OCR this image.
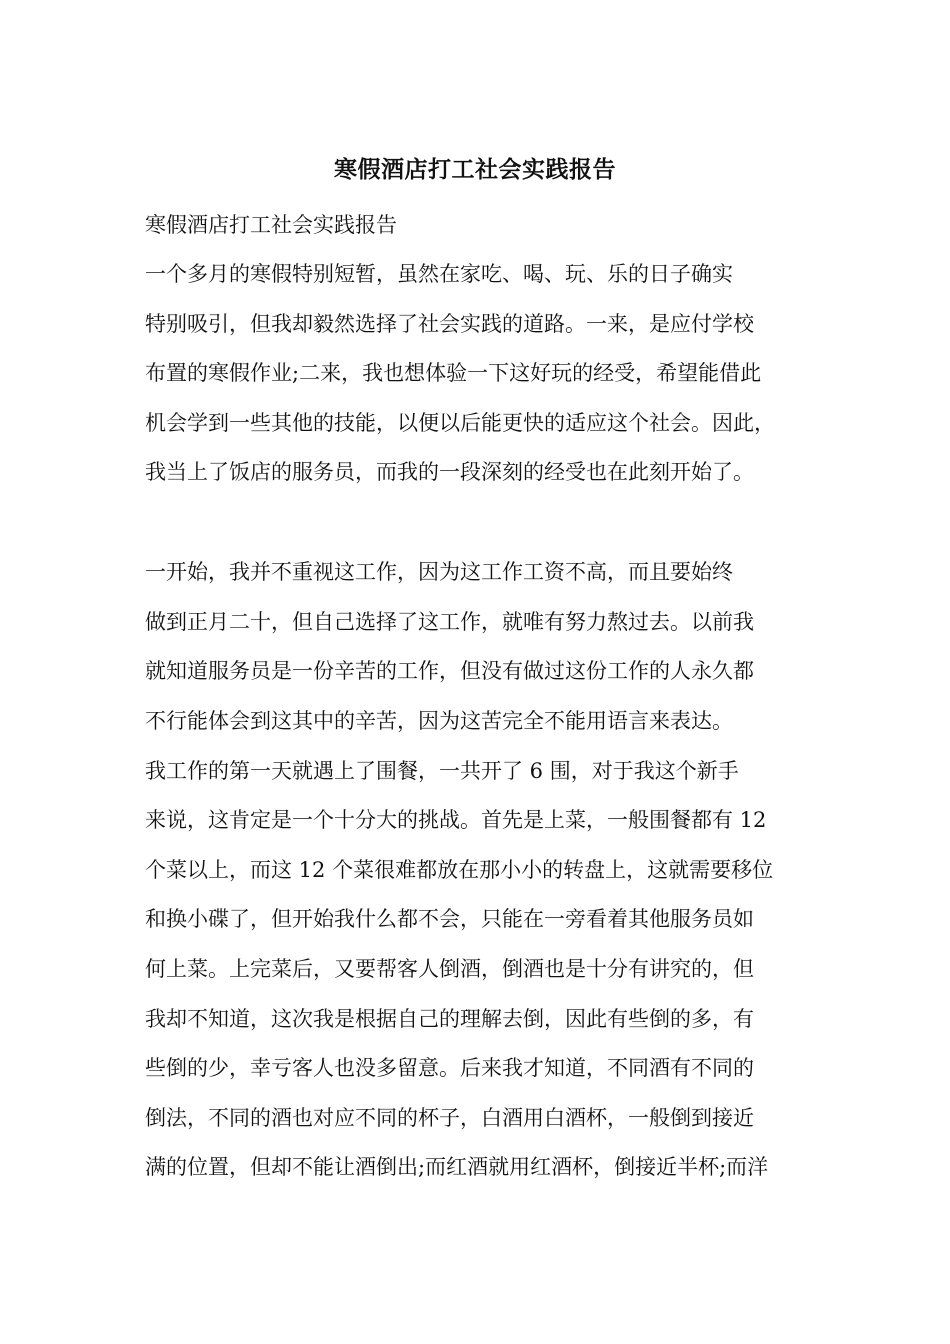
寒假酒店打工社会实践报告
寒假酒店打工社会实践报告
一个多月的寒假特别短暂，虽然在家吃、喝、玩、乐的日子确实
特别吸引，但我却毅然选择了社会实践的道路。一来，是应付学校
布置的寒假作业;二来，我也想体验一下这好玩的经受，希望能借此
机会学到一些其他的技能，以便以后能更快的适应这个社会。因此，
我当上了饭店的服务员，而我的一段深刻的经受也在此刻开始了。
一开始，我并不重视这工作，因为这工作工资不高，而且要始终
做到正月二十，但自己选择了这工作，就唯有努力熬过去。以前我
就知道服务员是一份辛苦的工作，但没有做过这份工作的人永久都
不行能体会到这其中的辛苦，因为这苦完全不能用语言来表达。
我工作的第一天就遇上了围餐，一共开了 6 围，对于我这个新手
来说，这肯定是一个十分大的挑战。首先是上菜，一般围餐都有 12
个菜以上，而这 12 个菜很难都放在那小小的转盘上，这就需要移位
和换小碟了，但开始我什么都不会，只能在一旁看着其他服务员如
何上菜。上完菜后，又要帮客人倒酒，倒酒也是十分有讲究的，但
我却不知道，这次我是根据自己的理解去倒，因此有些倒的多，有
些倒的少，幸亏客人也没多留意。后来我才知道，不同酒有不同的
倒法，不同的酒也对应不同的杯子，白酒用白酒杯，一般倒到接近
满的位置，但却不能让酒倒出;而红酒就用红酒杯，倒接近半杯;而洋
